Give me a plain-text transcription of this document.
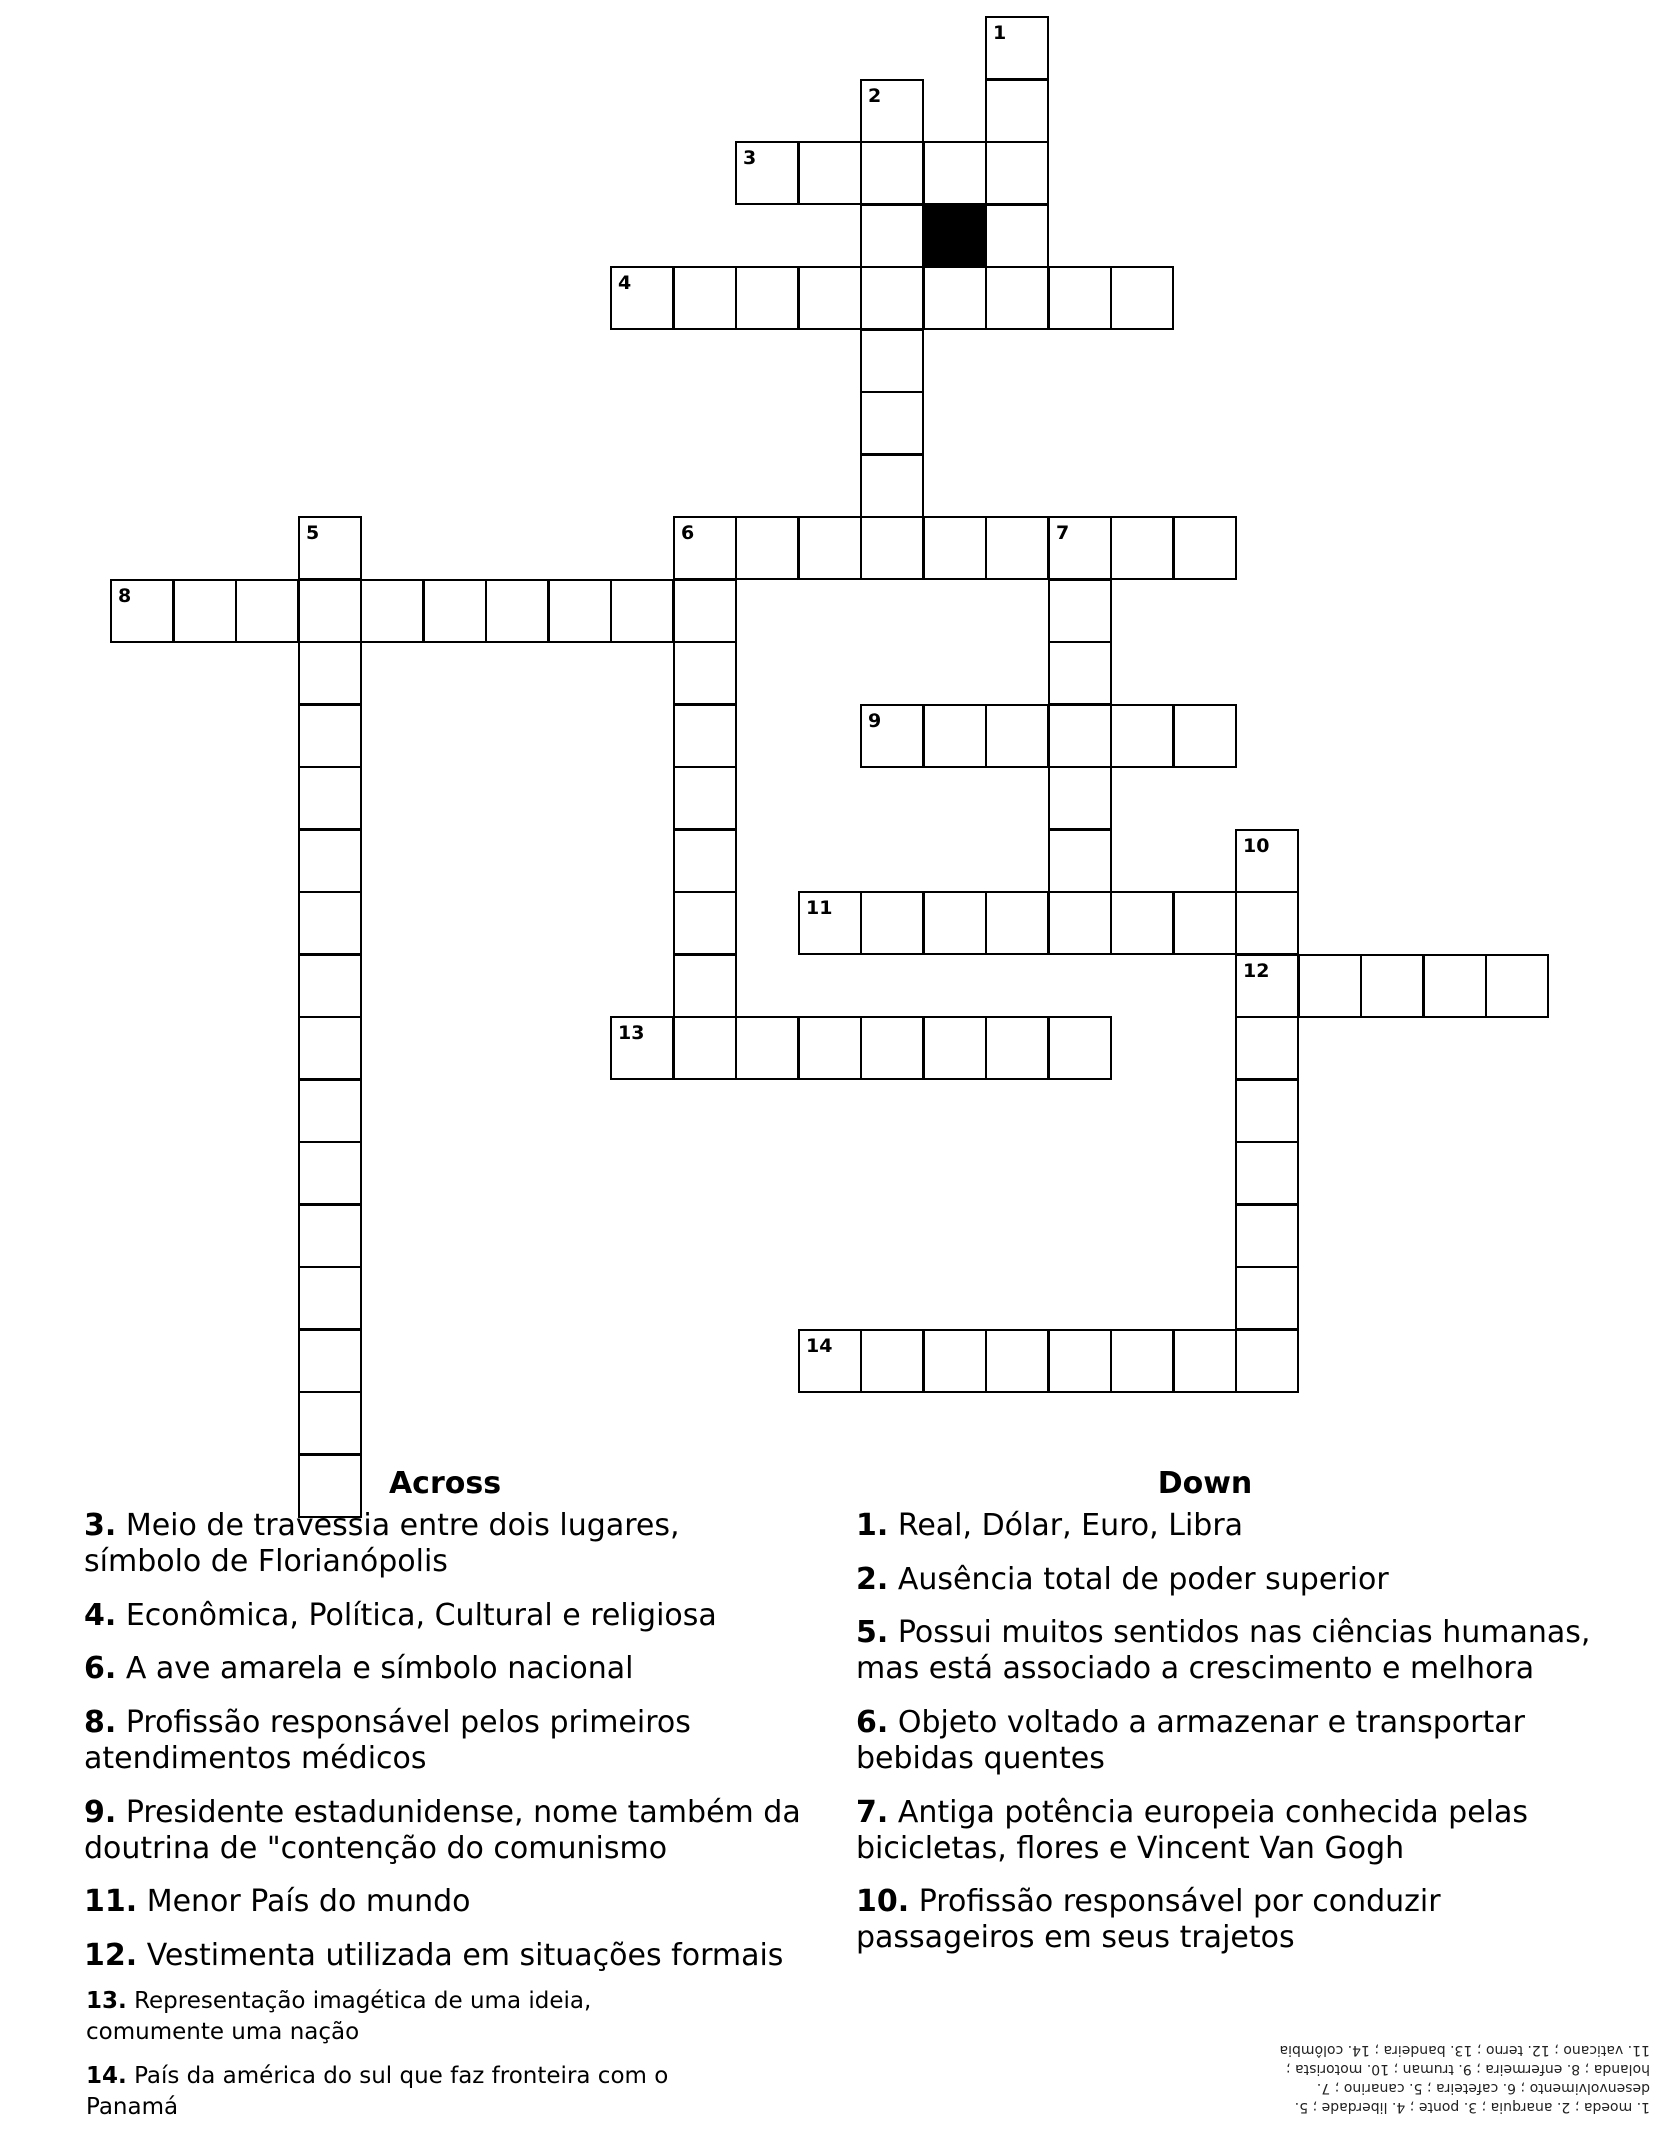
3
4
6	7
8
9
11
12
13
14
1
2
5
10
Across	Down
3. Meio de travessia entre dois lugares, símbolo de Florianópolis
4. Econômica, Política, Cultural e religiosa
6. A ave amarela e símbolo nacional
8. Profissão responsável pelos primeiros atendimentos médicos
9. Presidente estadunidense, nome também da doutrina de "contenção do comunismo
11. Menor País do mundo
12. Vestimenta utilizada em situações formais
13. Representação imagética de uma ideia, comumente uma nação
14. País da américa do sul que faz fronteira com o Panamá
1. Real, Dólar, Euro, Libra
2. Ausência total de poder superior
5. Possui muitos sentidos nas ciências humanas, mas está associado a crescimento e melhora
6. Objeto voltado a armazenar e transportar bebidas quentes
7. Antiga potência europeia conhecida pelas bicicletas, flores e Vincent Van Gogh
10. Profissão responsável por conduzir passageiros em seus trajetos
1. moeda ; 2. anarquia ; 3. ponte ; 4. liberdade ; 5.
desenvolvimento ; 6. cafeteira ; 5. canarino ; 7.
holanda ; 8. enfermeira ; 9. truman ; 10. motorista ;
11. vaticano ; 12. terno ; 13. bandeira ; 14. colômbia
